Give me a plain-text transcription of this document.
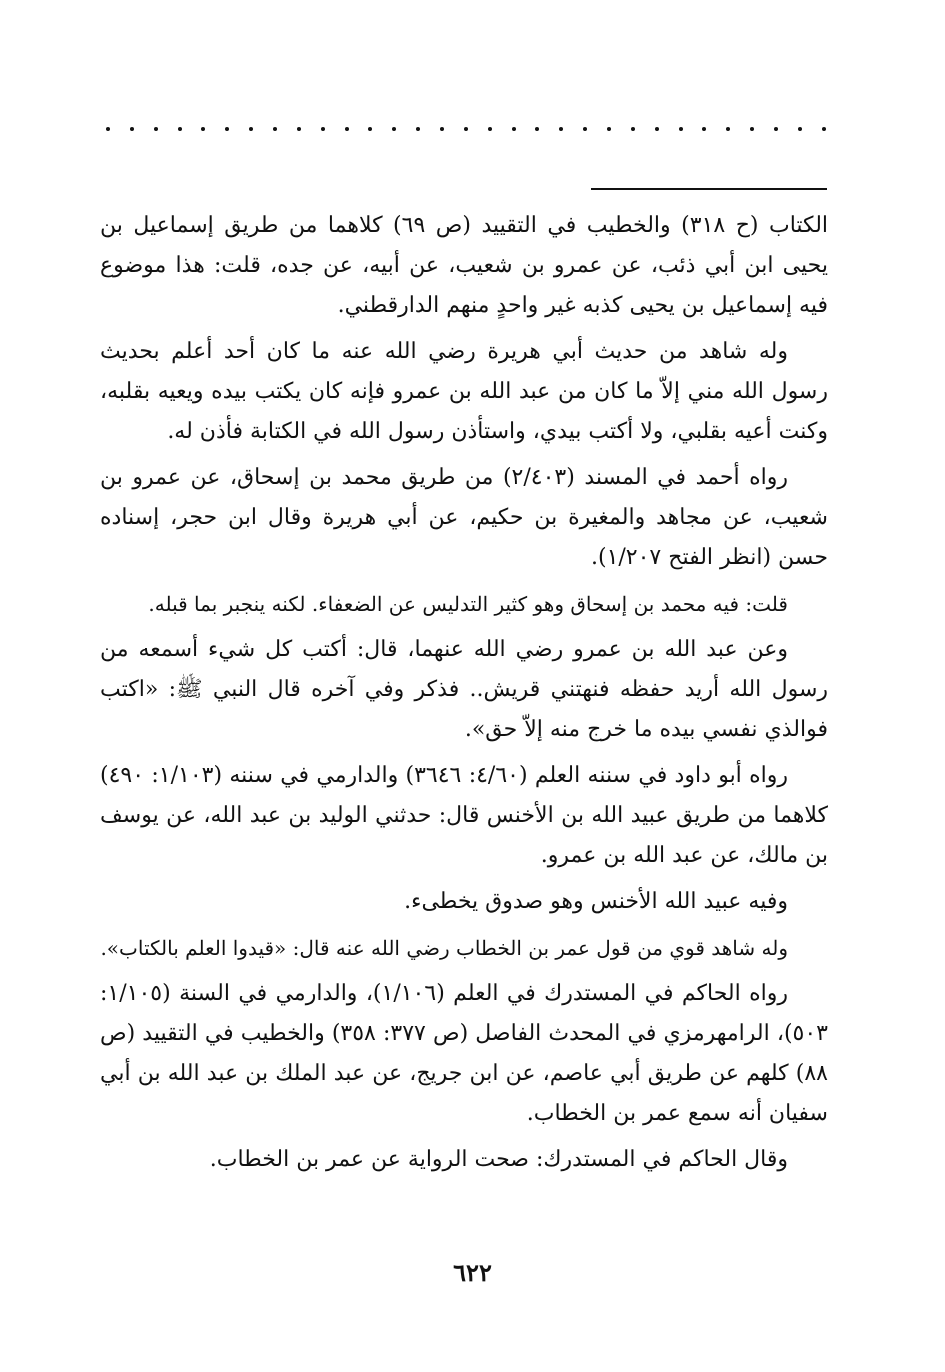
الكتاب (ح ٣١٨) والخطيب في التقييد (ص ٦٩) كلاهما من طريق إسماعيل بن يحيى ابن أبي ذئب، عن عمرو بن شعيب، عن أبيه، عن جده، قلت: هذا موضوع فيه إسماعيل بن يحيى كذبه غير واحدٍ منهم الدارقطني.

وله شاهد من حديث أبي هريرة رضي الله عنه ما كان أحد أعلم بحديث رسول الله مني إلاّ ما كان من عبد الله بن عمرو فإنه كان يكتب بيده ويعيه بقلبه، وكنت أعيه بقلبي، ولا أكتب بيدي، واستأذن رسول الله في الكتابة فأذن له.

رواه أحمد في المسند (٢/٤٠٣) من طريق محمد بن إسحاق، عن عمرو بن شعيب، عن مجاهد والمغيرة بن حكيم، عن أبي هريرة وقال ابن حجر، إسناده حسن (انظر الفتح ١/٢٠٧).

قلت: فيه محمد بن إسحاق وهو كثير التدليس عن الضعفاء. لكنه ينجبر بما قبله.

وعن عبد الله بن عمرو رضي الله عنهما، قال: أكتب كل شيء أسمعه من رسول الله أريد حفظه فنهتني قريش.. فذكر وفي آخره قال النبي ﷺ: «اكتب فوالذي نفسي بيده ما خرج منه إلاّ حق».

رواه أبو داود في سننه العلم (٤/٦٠: ٣٦٤٦) والدارمي في سننه (١/١٠٣: ٤٩٠) كلاهما من طريق عبيد الله بن الأخنس قال: حدثني الوليد بن عبد الله، عن يوسف بن مالك، عن عبد الله بن عمرو.

وفيه عبيد الله الأخنس وهو صدوق يخطىء.

وله شاهد قوي من قول عمر بن الخطاب رضي الله عنه قال: «قيدوا العلم بالكتاب».

رواه الحاكم في المستدرك في العلم (١/١٠٦)، والدارمي في السنة (١/١٠٥: ٥٠٣)، الرامهرمزي في المحدث الفاصل (ص ٣٧٧: ٣٥٨) والخطيب في التقييد (ص ٨٨) كلهم عن طريق أبي عاصم، عن ابن جريج، عن عبد الملك بن عبد الله بن أبي سفيان أنه سمع عمر بن الخطاب.

وقال الحاكم في المستدرك: صحت الرواية عن عمر بن الخطاب.

٦٢٢
